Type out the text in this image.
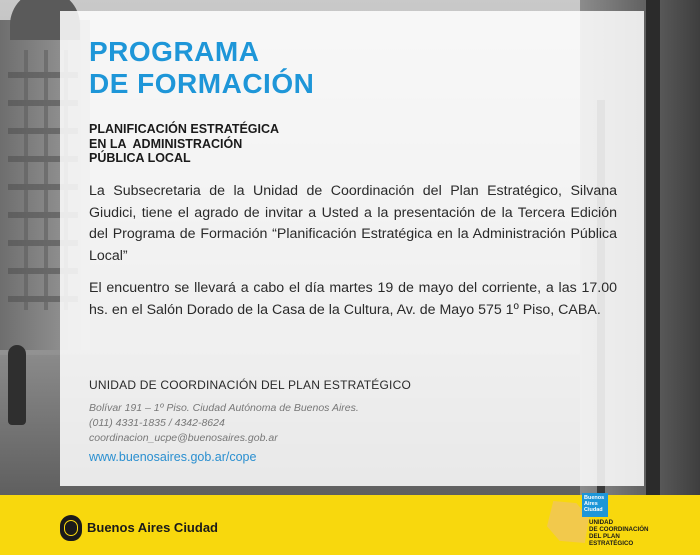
PROGRAMA
DE FORMACIÓN
PLANIFICACIÓN ESTRATÉGICA
EN LA  ADMINISTRACIÓN
PÚBLICA LOCAL

La Subsecretaria de la Unidad de Coordinación del Plan Estratégico, Silvana Giudici, tiene el agrado de invitar a Usted a la presentación de la Tercera Edición del Programa de Formación “Planificación Estratégica en la Administración Pública Local”

El encuentro se llevará a cabo el día martes 19 de mayo del corriente, a las 17.00 hs. en el Salón Dorado de la Casa de la Cultura, Av. de Mayo 575 1º Piso, CABA.

UNIDAD DE COORDINACIÓN DEL PLAN ESTRATÉGICO

Bolívar 191 – 1º Piso. Ciudad Autónoma de Buenos Aires.
(011) 4331-1835 / 4342-8624
coordinacion_ucpe@buenosaires.gob.ar

www.buenosaires.gob.ar/cope

Buenos Aires Ciudad

Buenos Aires Ciudad

UNIDAD
DE COORDINACIÓN
DEL PLAN
ESTRATÉGICO
